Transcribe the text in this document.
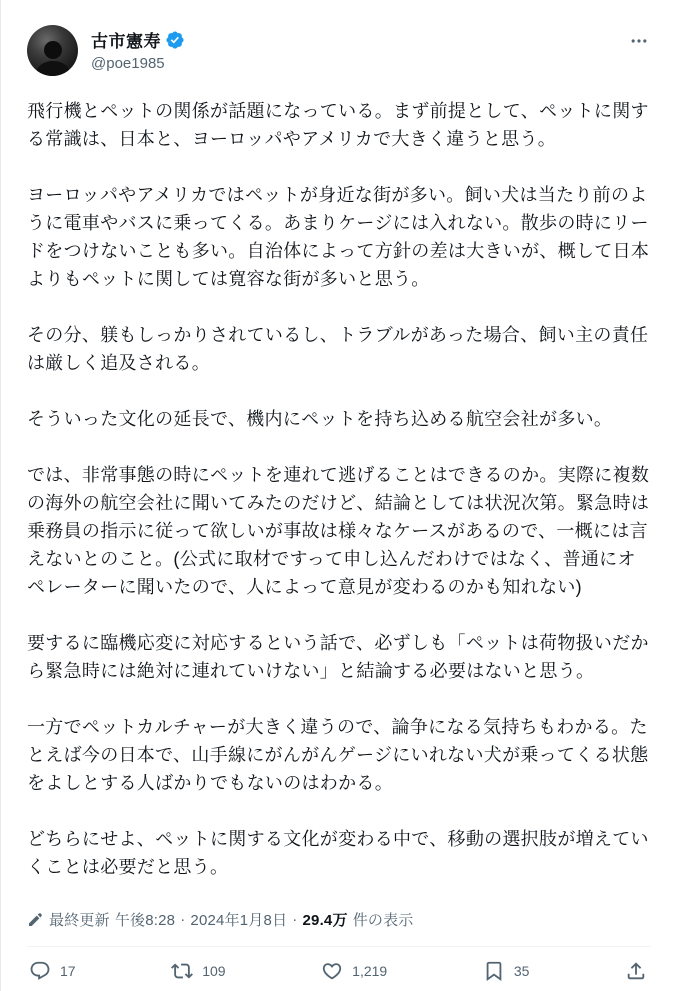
古市憲寿
@poe1985

飛行機とペットの関係が話題になっている。まず前提として、ペットに関する常識は、日本と、ヨーロッパやアメリカで大きく違うと思う。

ヨーロッパやアメリカではペットが身近な街が多い。飼い犬は当たり前のように電車やバスに乗ってくる。あまりケージには入れない。散歩の時にリードをつけないことも多い。自治体によって方針の差は大きいが、概して日本よりもペットに関しては寛容な街が多いと思う。

その分、躾もしっかりされているし、トラブルがあった場合、飼い主の責任は厳しく追及される。

そういった文化の延長で、機内にペットを持ち込める航空会社が多い。

では、非常事態の時にペットを連れて逃げることはできるのか。実際に複数の海外の航空会社に聞いてみたのだけど、結論としては状況次第。緊急時は乗務員の指示に従って欲しいが事故は様々なケースがあるので、一概には言えないとのこと。(公式に取材ですって申し込んだわけではなく、普通にオペレーターに聞いたので、人によって意見が変わるのかも知れない)

要するに臨機応変に対応するという話で、必ずしも「ペットは荷物扱いだから緊急時には絶対に連れていけない」と結論する必要はないと思う。

一方でペットカルチャーが大きく違うので、論争になる気持ちもわかる。たとえば今の日本で、山手線にがんがんゲージにいれない犬が乗ってくる状態をよしとする人ばかりでもないのはわかる。

どちらにせよ、ペットに関する文化が変わる中で、移動の選択肢が増えていくことは必要だと思う。

最終更新 午後8:28 · 2024年1月8日 · 29.4万 件の表示
17	109	1,219	35
